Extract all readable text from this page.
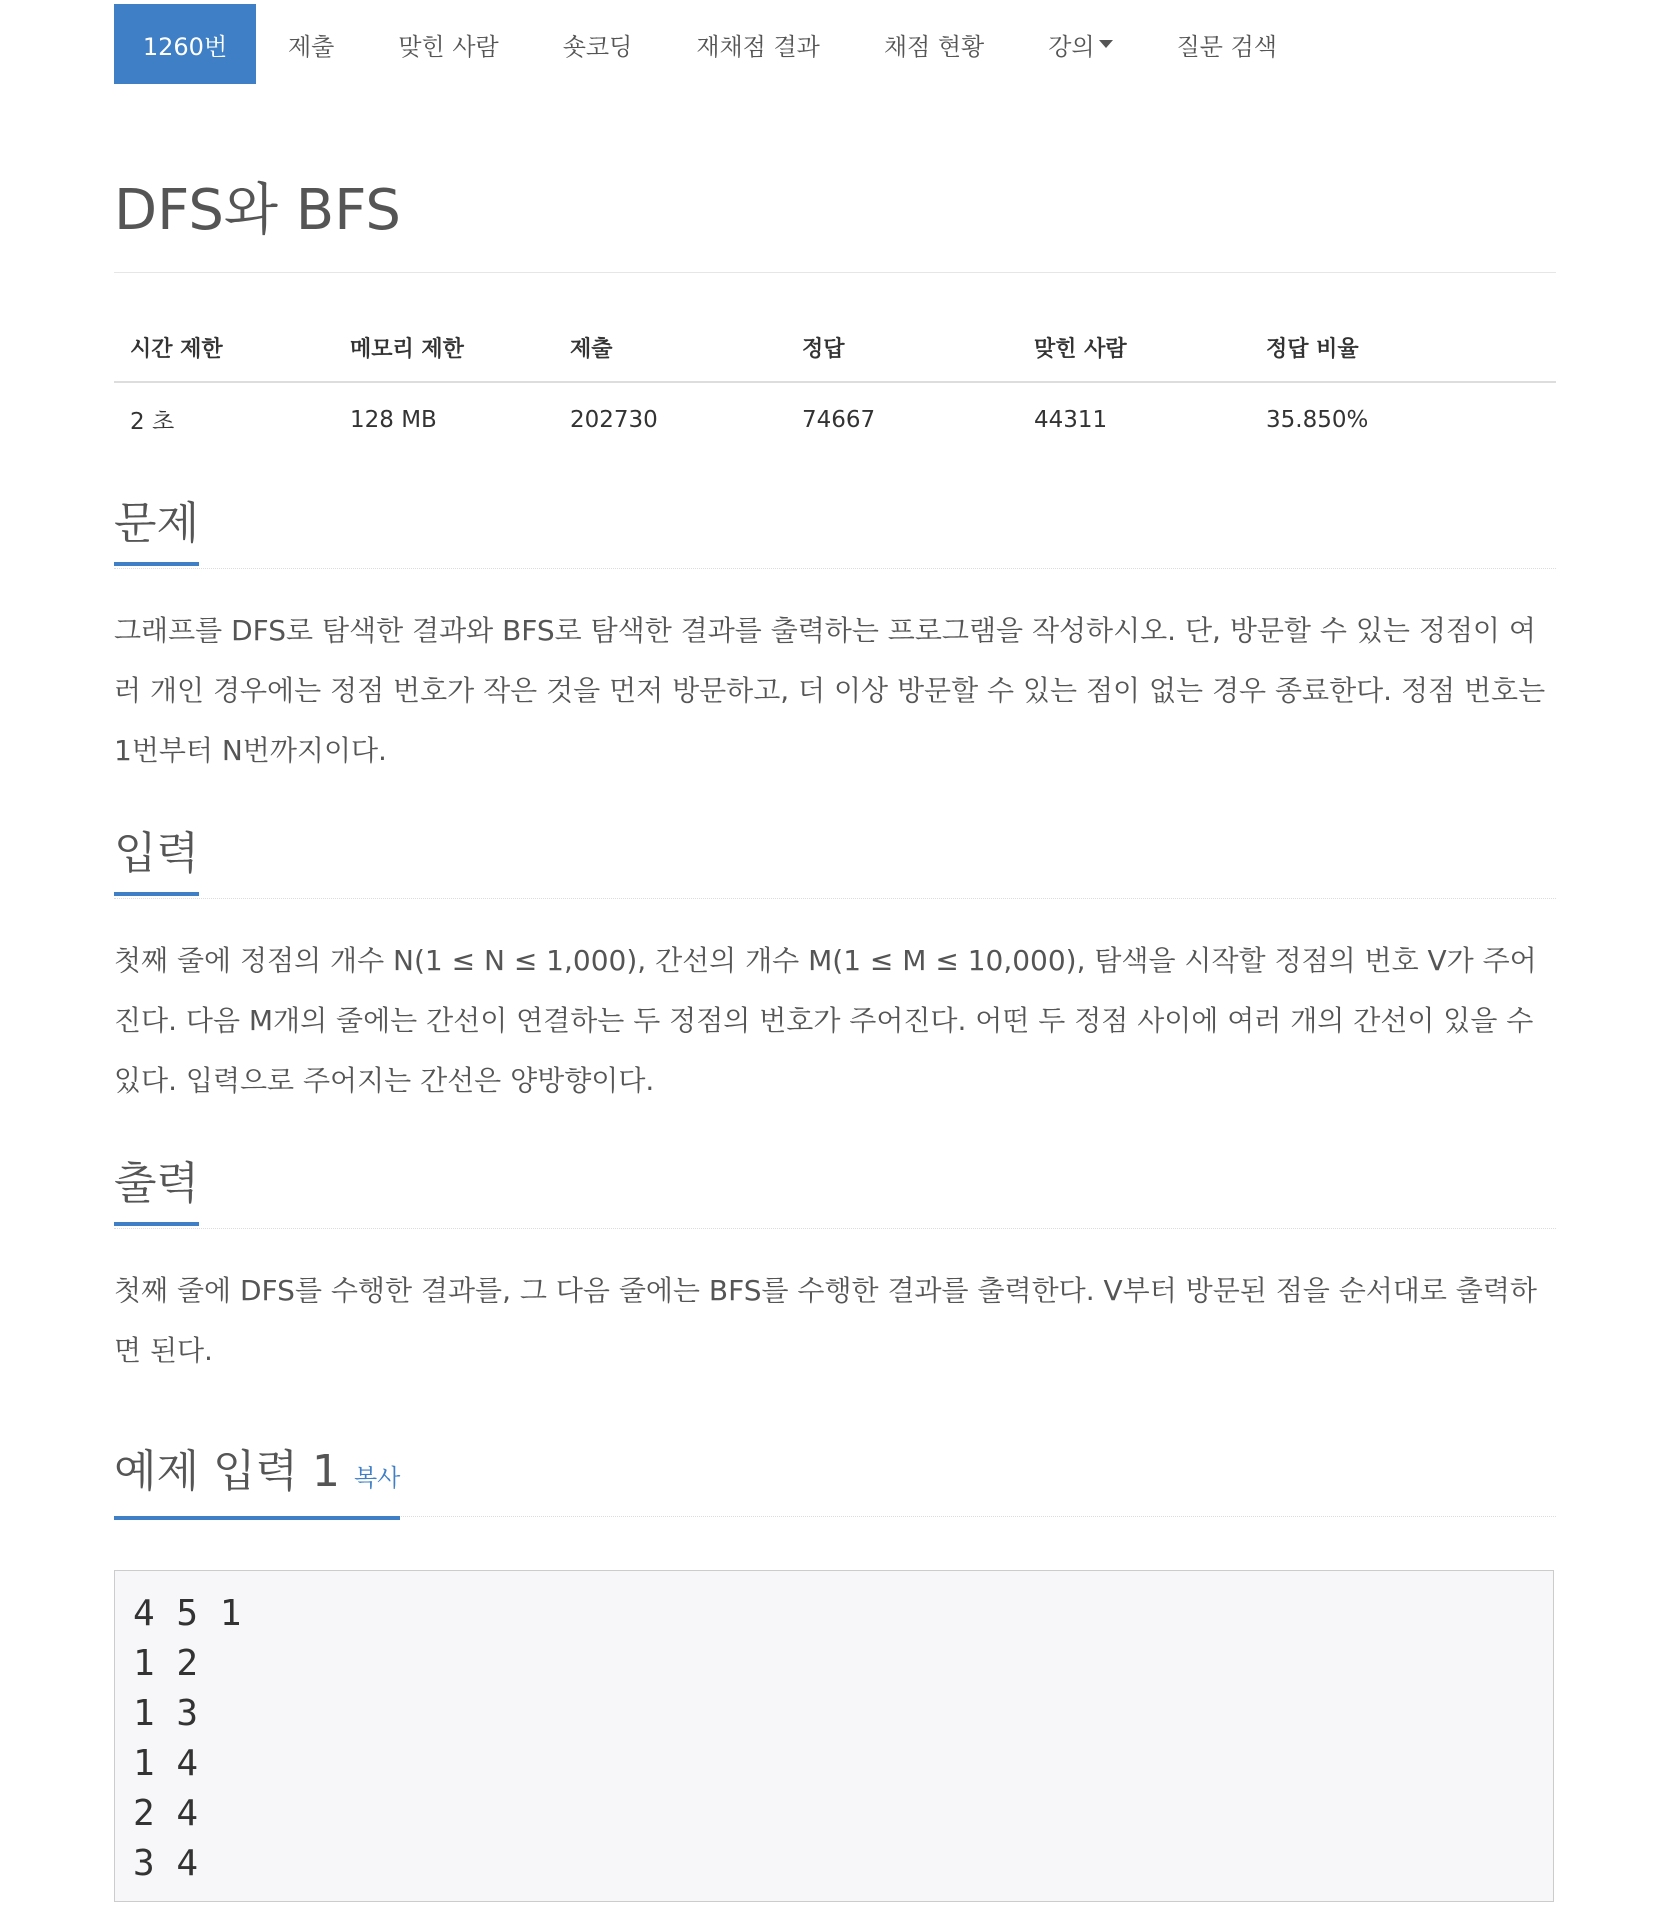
1260번	제출	맞힌 사람	숏코딩	재채점 결과	채점 현황	강의	질문 검색
DFS와 BFS
시간 제한	메모리 제한	제출	정답	맞힌 사람	정답 비율
2 초	128 MB	202730	74667	44311	35.850%
문제
그래프를 DFS로 탐색한 결과와 BFS로 탐색한 결과를 출력하는 프로그램을 작성하시오. 단, 방문할 수 있는 정점이 여러 개인 경우에는 정점 번호가 작은 것을 먼저 방문하고, 더 이상 방문할 수 있는 점이 없는 경우 종료한다. 정점 번호는 1번부터 N번까지이다.
입력
첫째 줄에 정점의 개수 N(1 ≤ N ≤ 1,000), 간선의 개수 M(1 ≤ M ≤ 10,000), 탐색을 시작할 정점의 번호 V가 주어진다. 다음 M개의 줄에는 간선이 연결하는 두 정점의 번호가 주어진다. 어떤 두 정점 사이에 여러 개의 간선이 있을 수 있다. 입력으로 주어지는 간선은 양방향이다.
출력
첫째 줄에 DFS를 수행한 결과를, 그 다음 줄에는 BFS를 수행한 결과를 출력한다. V부터 방문된 점을 순서대로 출력하면 된다.
예제 입력 1 복사
4 5 1
1 2
1 3
1 4
2 4
3 4
